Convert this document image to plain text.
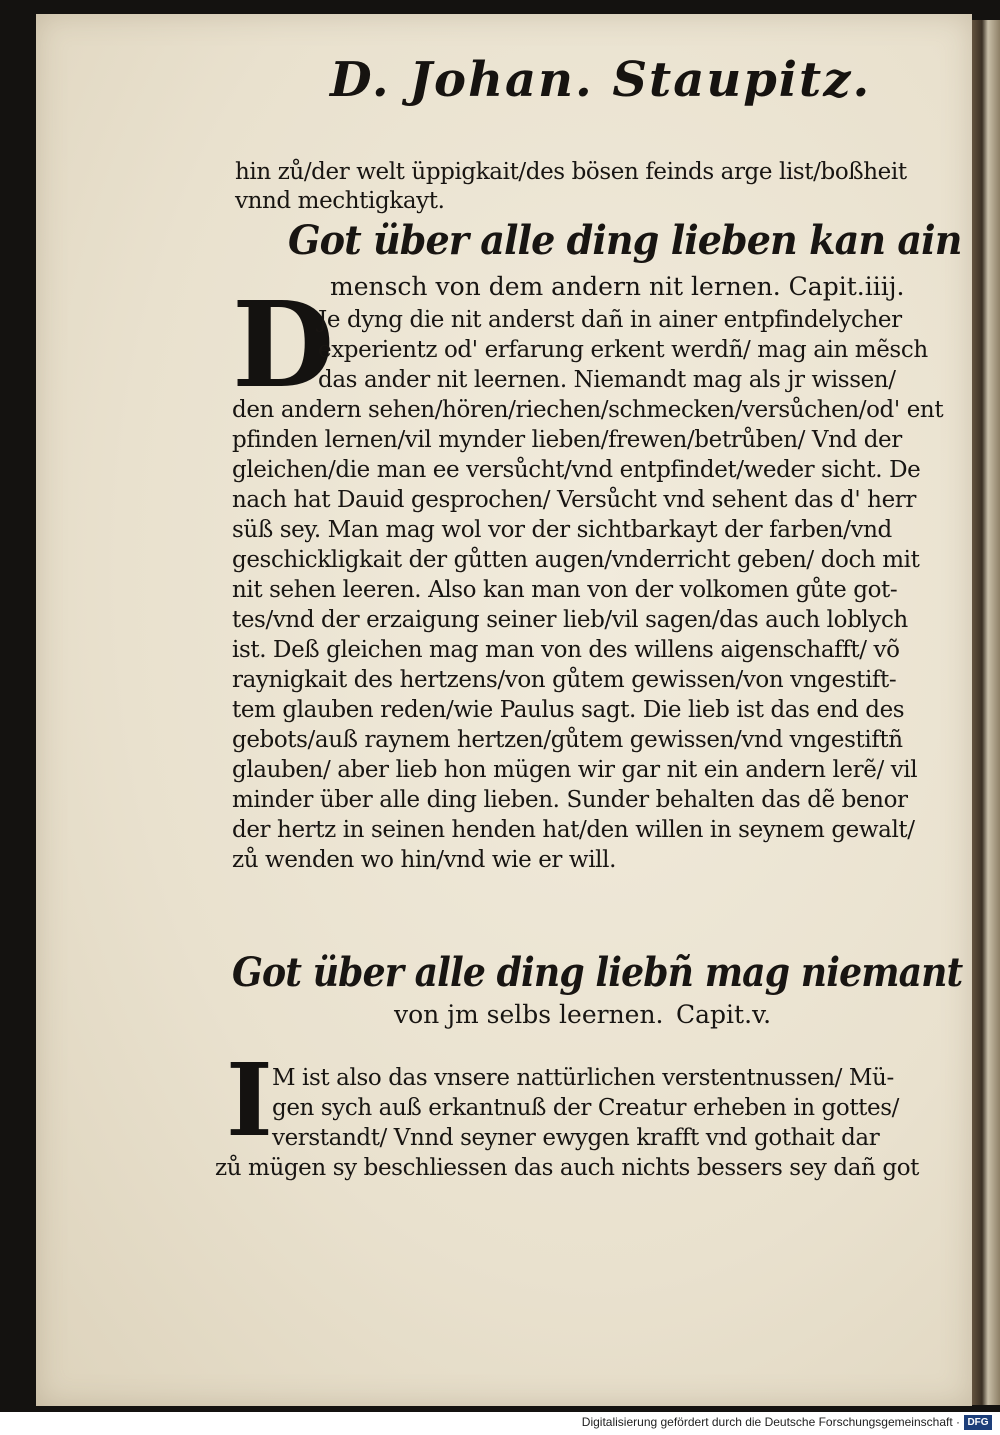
D. Johan. Staupitz.
hin zů/der welt üppigkait/des bösen feinds arge list/boßheit
vnnd mechtigkayt.
Got über alle ding lieben kan ain
mensch von dem andern nit lernen. Capit.iiij.
D
Je dyng die nit anderst dañ in ainer entpfindelycher
experientz od' erfarung erkent werdñ/ mag ain mẽsch
das ander nit leernen. Niemandt mag als jr wissen/
den andern sehen/hören/riechen/schmecken/versůchen/od' ent
pfinden lernen/vil mynder lieben/frewen/betrůben/ Vnd der
gleichen/die man ee versůcht/vnd entpfindet/weder sicht. De
nach hat Dauid gesprochen/ Versůcht vnd sehent das d' herr
süß sey. Man mag wol vor der sichtbarkayt der farben/vnd
geschickligkait der gůtten augen/vnderricht geben/ doch mit
nit sehen leeren. Also kan man von der volkomen gůte got-
tes/vnd der erzaigung seiner lieb/vil sagen/das auch loblych
ist. Deß gleichen mag man von des willens aigenschafft/ võ
raynigkait des hertzens/von gůtem gewissen/von vngestift-
tem glauben reden/wie Paulus sagt. Die lieb ist das end des
gebots/auß raynem hertzen/gůtem gewissen/vnd vngestiftñ
glauben/ aber lieb hon mügen wir gar nit ein andern lerẽ/ vil
minder über alle ding lieben. Sunder behalten das dẽ benor
der hertz in seinen henden hat/den willen in seynem gewalt/
zů wenden wo hin/vnd wie er will.
Got über alle ding liebñ mag niemant
von jm selbs leernen. Capit.v.
I M ist also das vnsere nattürlichen verstentnussen/ Mü-
gen sych auß erkantnuß der Creatur erheben in gottes/
verstandt/ Vnnd seyner ewygen krafft vnd gothait dar
zů mügen sy beschliessen das auch nichts bessers sey dañ got
Digitalisierung gefördert durch die Deutsche Forschungsgemeinschaft · DFG
